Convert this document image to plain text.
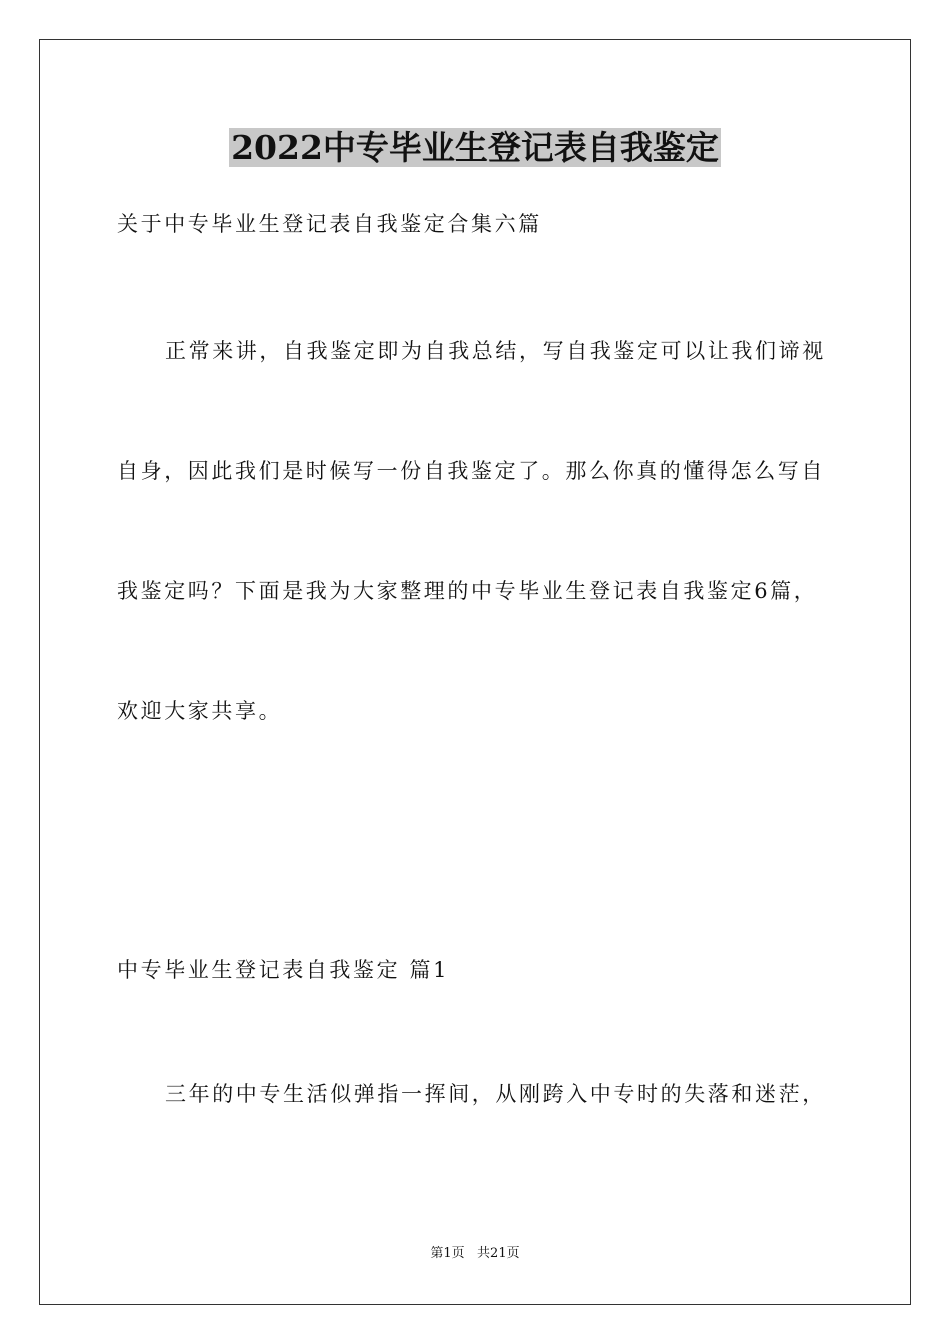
2022中专毕业生登记表自我鉴定
关于中专毕业生登记表自我鉴定合集六篇
正常来讲，自我鉴定即为自我总结，写自我鉴定可以让我们谛视
自身，因此我们是时候写一份自我鉴定了。那么你真的懂得怎么写自
我鉴定吗？下面是我为大家整理的中专毕业生登记表自我鉴定6篇，
欢迎大家共享。
中专毕业生登记表自我鉴定 篇1
三年的中专生活似弹指一挥间，从刚跨入中专时的失落和迷茫，
第1页   共21页
